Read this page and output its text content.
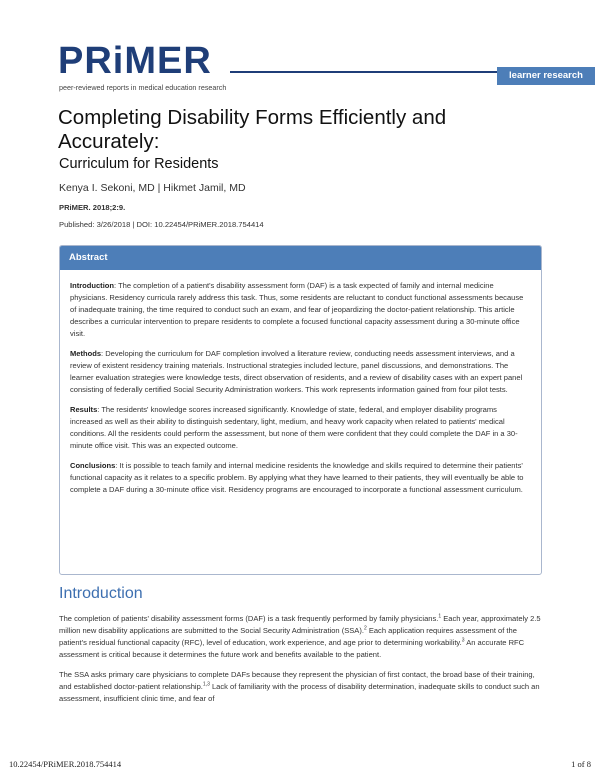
PRiMER
peer-reviewed reports in medical education research
learner research
Completing Disability Forms Efficiently and Accurately:
Curriculum for Residents
Kenya I. Sekoni, MD | Hikmet Jamil, MD
PRiMER. 2018;2:9.
Published: 3/26/2018 | DOI: 10.22454/PRiMER.2018.754414
Abstract

Introduction: The completion of a patient's disability assessment form (DAF) is a task expected of family and internal medicine physicians. Residency curricula rarely address this task. Thus, some residents are reluctant to conduct functional assessments because of inadequate training, the time required to conduct such an exam, and fear of jeopardizing the doctor-patient relationship. This article describes a curricular intervention to prepare residents to complete a focused functional capacity assessment during a 30-minute office visit.

Methods: Developing the curriculum for DAF completion involved a literature review, conducting needs assessment interviews, and a review of existent residency training materials. Instructional strategies included lecture, panel discussions, and demonstrations. The learner evaluation strategies were knowledge tests, direct observation of residents, and a review of disability cases with an expert panel consisting of federally certified Social Security Administration workers. This work represents information gained from four pilot tests.

Results: The residents' knowledge scores increased significantly. Knowledge of state, federal, and employer disability programs increased as well as their ability to distinguish sedentary, light, medium, and heavy work capacity when related to patients' medical conditions. All the residents could perform the assessment, but none of them were confident that they could complete the DAF in a 30-minute office visit. This was an expected outcome.

Conclusions: It is possible to teach family and internal medicine residents the knowledge and skills required to determine their patients' functional capacity as it relates to a specific problem. By applying what they have learned to their patients, they will eventually be able to complete a DAF during a 30-minute office visit. Residency programs are encouraged to incorporate a functional assessment curriculum.

Introduction

The completion of patients' disability assessment forms (DAF) is a task frequently performed by family physicians.$^1$ Each year, approximately 2.5 million new disability applications are submitted to the Social Security Administration (SSA).$^2$ Each application requires assessment of the patient's residual functional capacity (RFC), level of education, work experience, and age prior to determining workability.$^3$ An accurate RFC assessment is critical because it determines the future work and benefits available to the patient.

The SSA asks primary care physicians to complete DAFs because they represent the physician of first contact, the broad base of their training, and established doctor-patient relationship.$^{1,3}$ Lack of familiarity with the process of disability determination, inadequate skills to conduct such an assessment, insufficient clinic time, and fear of

10.22454/PRiMER.2018.754414	1 of 8
